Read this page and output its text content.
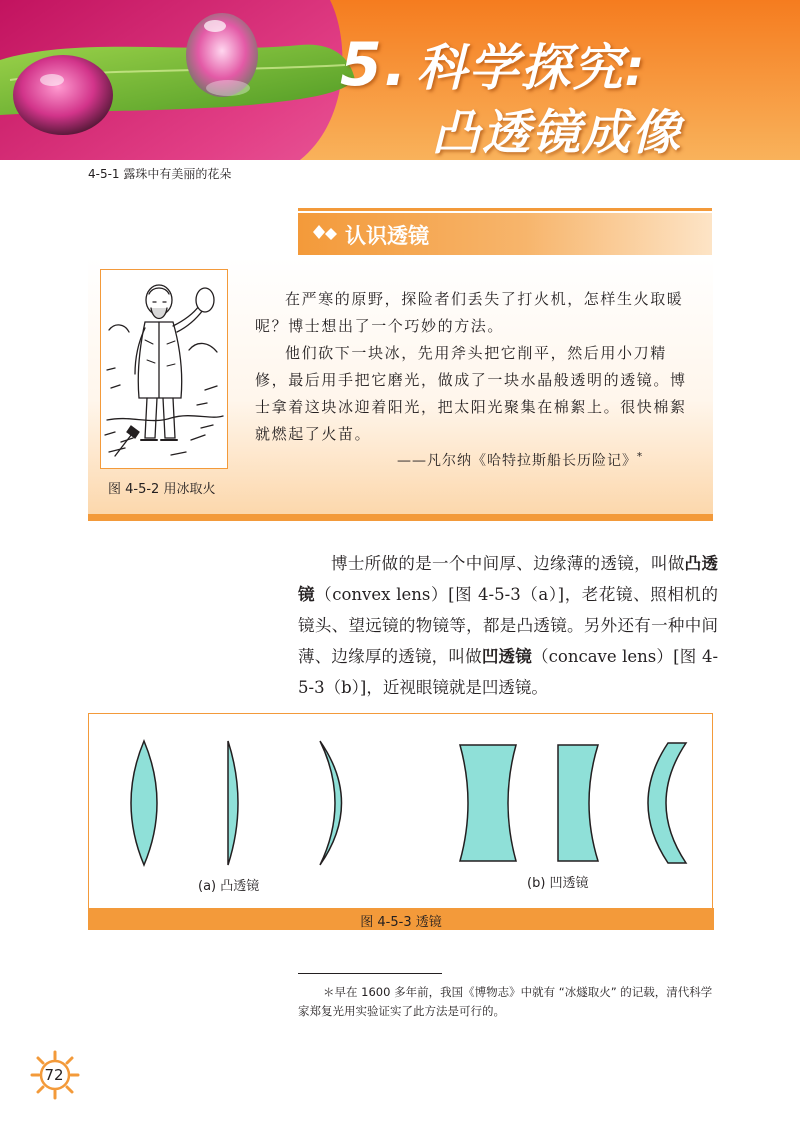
5. 科学探究:
凸透镜成像
4-5-1 露珠中有美丽的花朵
认识透镜
图 4-5-2 用冰取火
在严寒的原野，探险者们丢失了打火机，怎样生火取暖呢？博士想出了一个巧妙的方法。
他们砍下一块冰，先用斧头把它削平，然后用小刀精修，最后用手把它磨光，做成了一块水晶般透明的透镜。博士拿着这块冰迎着阳光，把太阳光聚集在棉絮上。很快棉絮就燃起了火苗。
——凡尔纳《哈特拉斯船长历险记》*
博士所做的是一个中间厚、边缘薄的透镜，叫做凸透镜（convex lens）[图 4-5-3（a）]，老花镜、照相机的镜头、望远镜的物镜等，都是凸透镜。另外还有一种中间薄、边缘厚的透镜，叫做凹透镜（concave lens）[图 4-5-3（b）]，近视眼镜就是凹透镜。
(a) 凸透镜	(b) 凹透镜
图 4-5-3 透镜
＊早在 1600 多年前，我国《博物志》中就有 “冰燧取火” 的记载，清代科学家郑复光用实验证实了此方法是可行的。
72
